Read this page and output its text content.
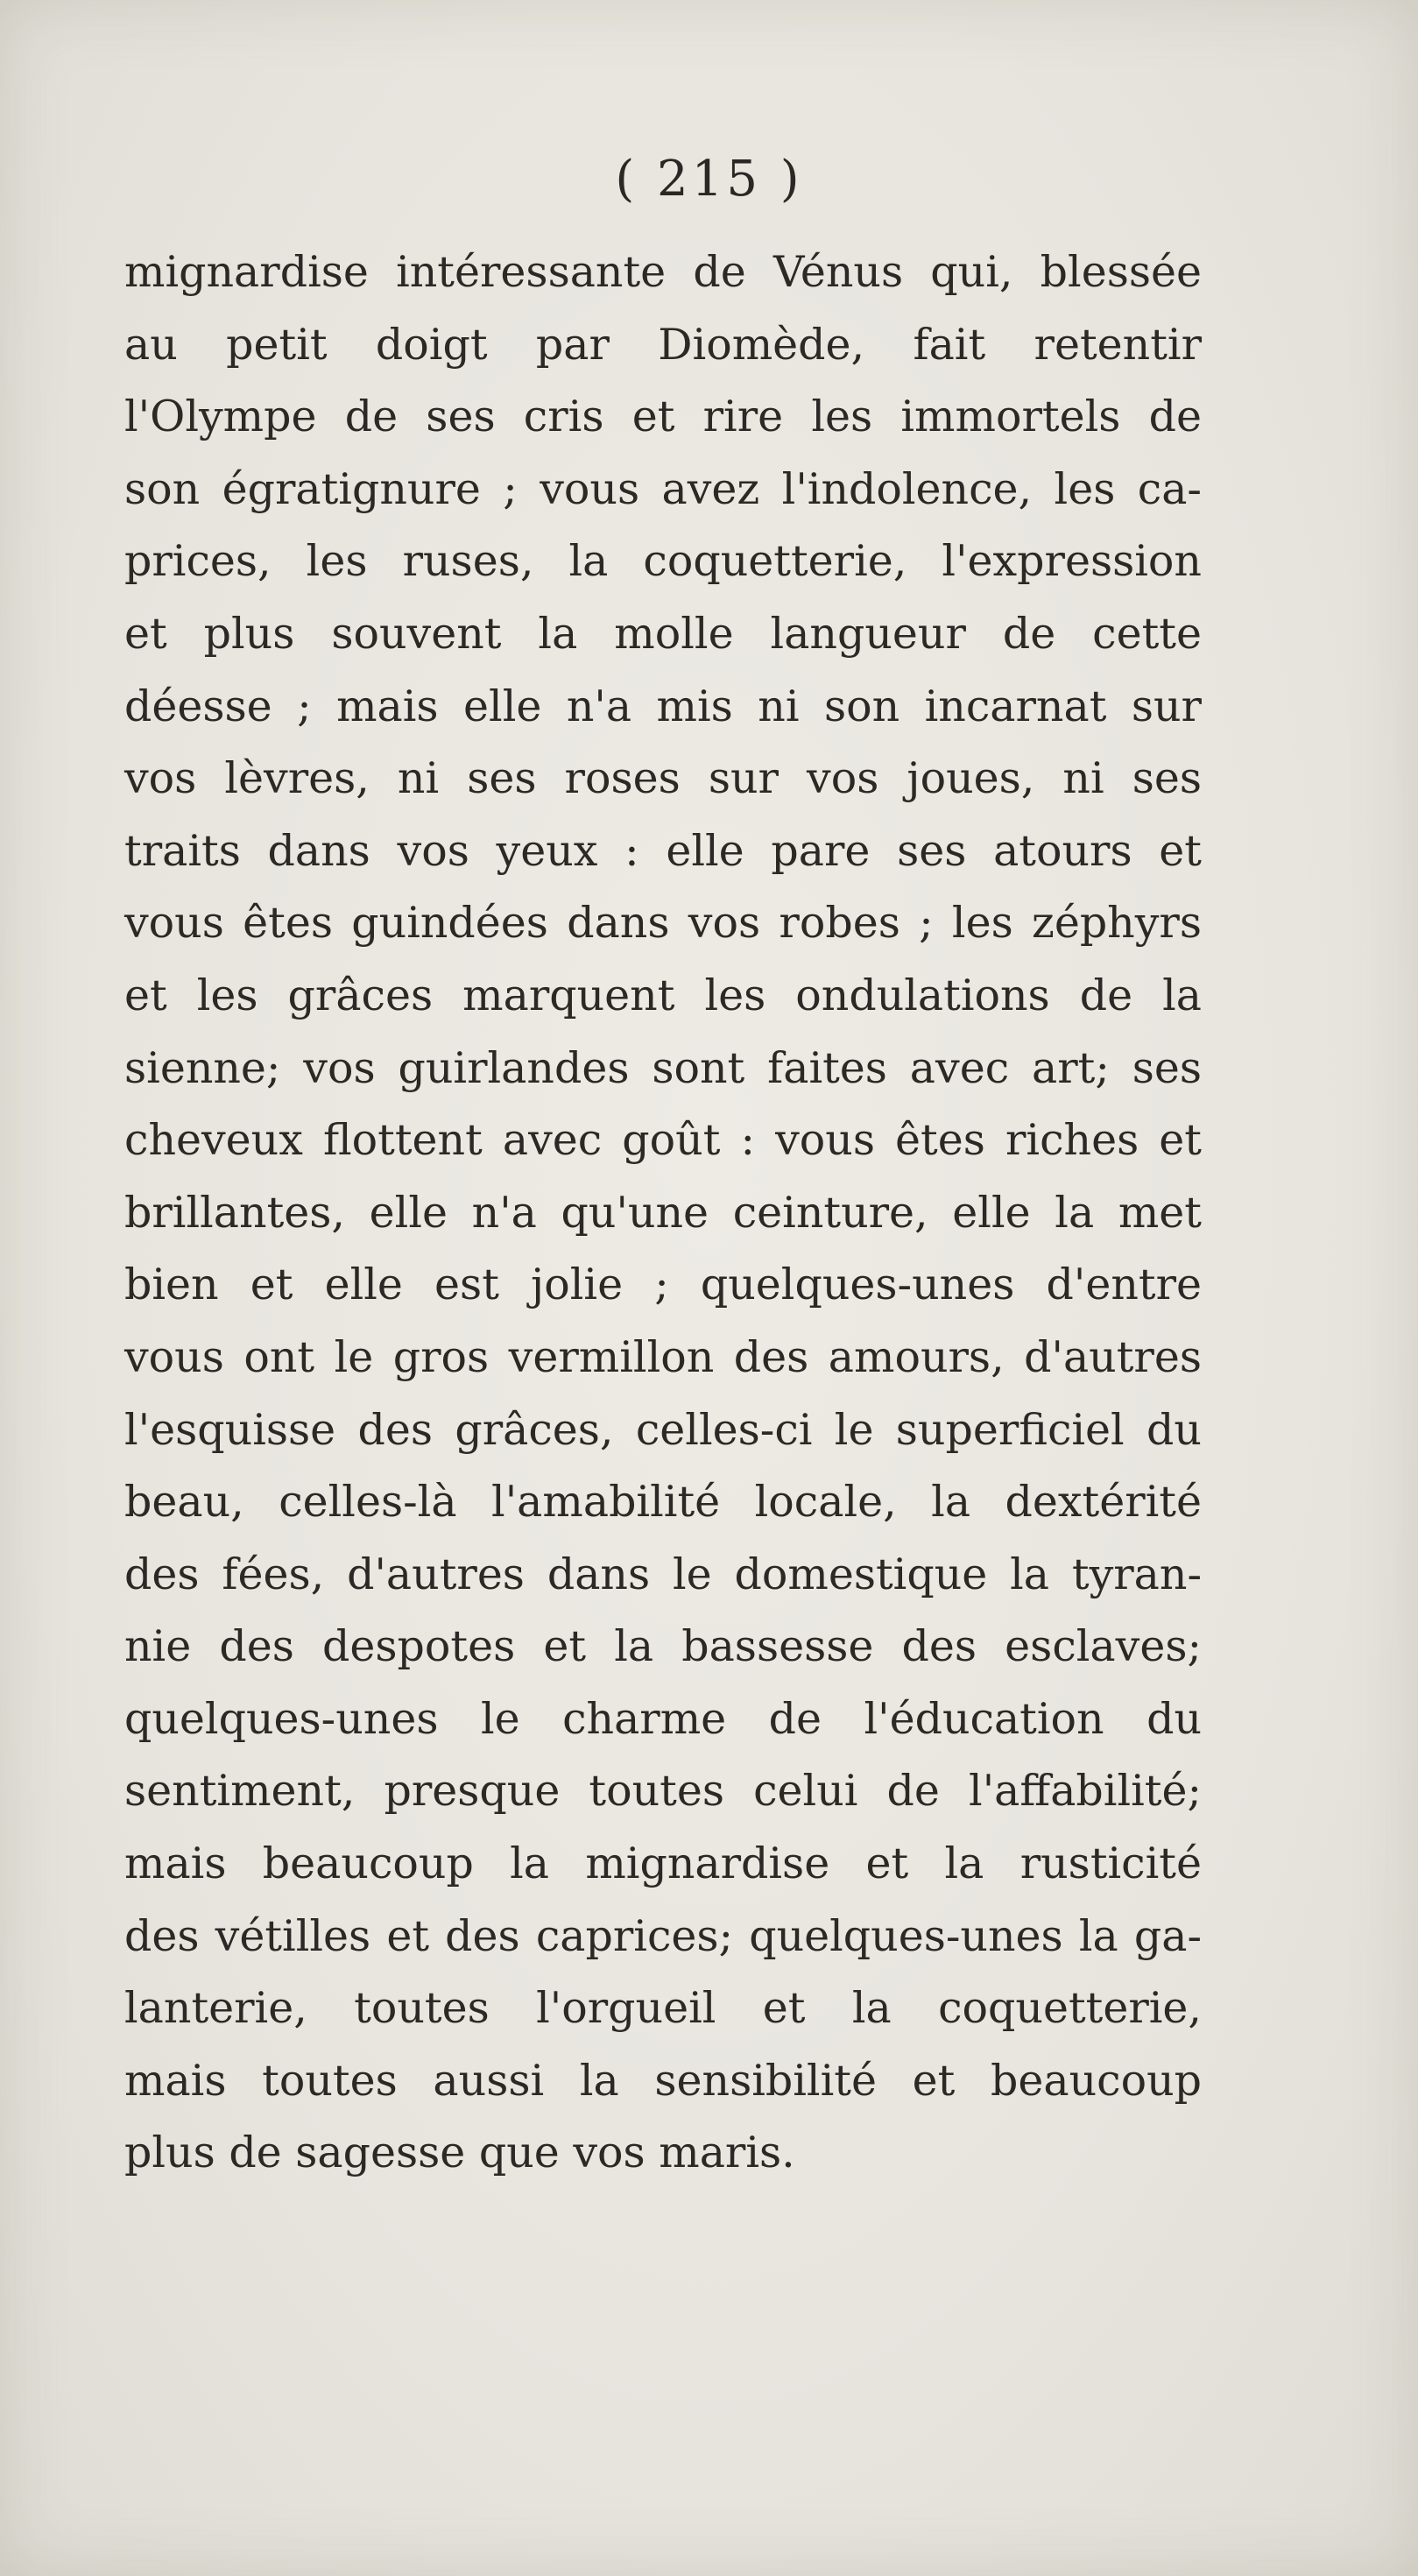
( 215 )
mignardise intéressante de Vénus qui, blessée
au petit doigt par Diomède, fait retentir
l'Olympe de ses cris et rire les immortels de
son égratignure ; vous avez l'indolence, les ca-
prices, les ruses, la coquetterie, l'expression
et plus souvent la molle langueur de cette
déesse ; mais elle n'a mis ni son incarnat sur
vos lèvres, ni ses roses sur vos joues, ni ses
traits dans vos yeux : elle pare ses atours et
vous êtes guindées dans vos robes ; les zéphyrs
et les grâces marquent les ondulations de la
sienne; vos guirlandes sont faites avec art; ses
cheveux flottent avec goût : vous êtes riches et
brillantes, elle n'a qu'une ceinture, elle la met
bien et elle est jolie ; quelques-unes d'entre
vous ont le gros vermillon des amours, d'autres
l'esquisse des grâces, celles-ci le superficiel du
beau, celles-là l'amabilité locale, la dextérité
des fées, d'autres dans le domestique la tyran-
nie des despotes et la bassesse des esclaves;
quelques-unes le charme de l'éducation du
sentiment, presque toutes celui de l'affabilité;
mais beaucoup la mignardise et la rusticité
des vétilles et des caprices; quelques-unes la ga-
lanterie, toutes l'orgueil et la coquetterie,
mais toutes aussi la sensibilité et beaucoup
plus de sagesse que vos maris.
